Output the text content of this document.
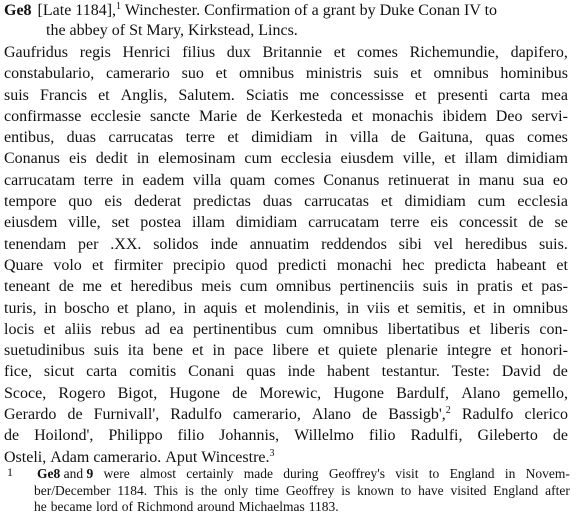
Ge8 [Late 1184],$^1$ Winchester. Confirmation of a grant by Duke Conan IV to
the abbey of St Mary, Kirkstead, Lincs.
Gaufridus regis Henrici filius dux Britannie et comes Richemundie, dapifero,
constabulario, camerario suo et omnibus ministris suis et omnibus hominibus
suis Francis et Anglis, Salutem. Sciatis me concessisse et presenti carta mea
confirmasse ecclesie sancte Marie de Kerkesteda et monachis ibidem Deo servi-
entibus, duas carrucatas terre et dimidiam in villa de Gaituna, quas comes
Conanus eis dedit in elemosinam cum ecclesia eiusdem ville, et illam dimidiam
carrucatam terre in eadem villa quam comes Conanus retinuerat in manu sua eo
tempore quo eis dederat predictas duas carrucatas et dimidiam cum ecclesia
eiusdem ville, set postea illam dimidiam carrucatam terre eis concessit de se
tenendam per .XX. solidos inde annuatim reddendos sibi vel heredibus suis.
Quare volo et firmiter precipio quod predicti monachi hec predicta habeant et
teneant de me et heredibus meis cum omnibus pertinenciis suis in pratis et pas-
turis, in boscho et plano, in aquis et molendinis, in viis et semitis, et in omnibus
locis et aliis rebus ad ea pertinentibus cum omnibus libertatibus et liberis con-
suetudinibus suis ita bene et in pace libere et quiete plenarie integre et honori-
fice, sicut carta comitis Conani quas inde habent testantur. Teste: David de
Scoce, Rogero Bigot, Hugone de Morewic, Hugone Bardulf, Alano gemello,
Gerardo de Furnivall', Radulfo camerario, Alano de Bassigb',$^2$ Radulfo clerico
de Hoilond', Philippo filio Johannis, Willelmo filio Radulfi, Gileberto de
Osteli, Adam camerario. Aput Wincestre.$^3$
1	Ge8 and 9 were almost certainly made during Geoffrey's visit to England in Novem-
ber/December 1184. This is the only time Geoffrey is known to have visited England after
he became lord of Richmond around Michaelmas 1183.
